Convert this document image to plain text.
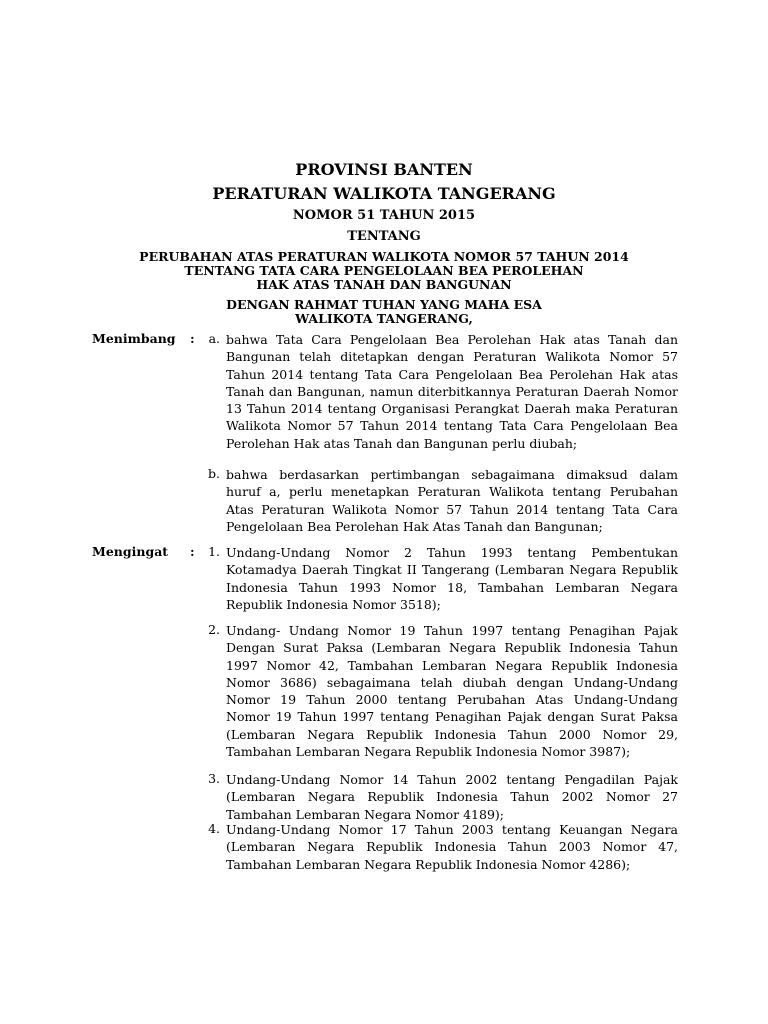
PROVINSI BANTEN
PERATURAN WALIKOTA TANGERANG
NOMOR 51 TAHUN 2015
TENTANG
PERUBAHAN ATAS PERATURAN WALIKOTA NOMOR 57 TAHUN 2014
TENTANG TATA CARA PENGELOLAAN BEA PEROLEHAN
HAK ATAS TANAH DAN BANGUNAN
DENGAN RAHMAT TUHAN YANG MAHA ESA
WALIKOTA TANGERANG,
Menimbang :	a. bahwa Tata Cara Pengelolaan Bea Perolehan Hak atas Tanah dan Bangunan telah ditetapkan dengan Peraturan Walikota Nomor 57 Tahun 2014 tentang Tata Cara Pengelolaan Bea Perolehan Hak atas Tanah dan Bangunan, namun diterbitkannya Peraturan Daerah Nomor 13 Tahun 2014 tentang Organisasi Perangkat Daerah maka Peraturan Walikota Nomor 57 Tahun 2014 tentang Tata Cara Pengelolaan Bea Perolehan Hak atas Tanah dan Bangunan perlu diubah;
b. bahwa berdasarkan pertimbangan sebagaimana dimaksud dalam huruf a, perlu menetapkan Peraturan Walikota tentang Perubahan Atas Peraturan Walikota Nomor 57 Tahun 2014 tentang Tata Cara Pengelolaan Bea Perolehan Hak Atas Tanah dan Bangunan;
Mengingat :	1. Undang-Undang Nomor 2 Tahun 1993 tentang Pembentukan Kotamadya Daerah Tingkat II Tangerang (Lembaran Negara Republik Indonesia Tahun 1993 Nomor 18, Tambahan Lembaran Negara Republik Indonesia Nomor 3518);
2. Undang- Undang Nomor 19 Tahun 1997 tentang Penagihan Pajak Dengan Surat Paksa (Lembaran Negara Republik Indonesia Tahun 1997 Nomor 42, Tambahan Lembaran Negara Republik Indonesia Nomor 3686) sebagaimana telah diubah dengan Undang-Undang Nomor 19 Tahun 2000 tentang Perubahan Atas Undang-Undang Nomor 19 Tahun 1997 tentang Penagihan Pajak dengan Surat Paksa (Lembaran Negara Republik Indonesia Tahun 2000 Nomor 29, Tambahan Lembaran Negara Republik Indonesia Nomor 3987);
3. Undang-Undang Nomor 14 Tahun 2002 tentang Pengadilan Pajak (Lembaran Negara Republik Indonesia Tahun 2002 Nomor 27 Tambahan Lembaran Negara Nomor 4189);
4. Undang-Undang Nomor 17 Tahun 2003 tentang Keuangan Negara (Lembaran Negara Republik Indonesia Tahun 2003 Nomor 47, Tambahan Lembaran Negara Republik Indonesia Nomor 4286);
